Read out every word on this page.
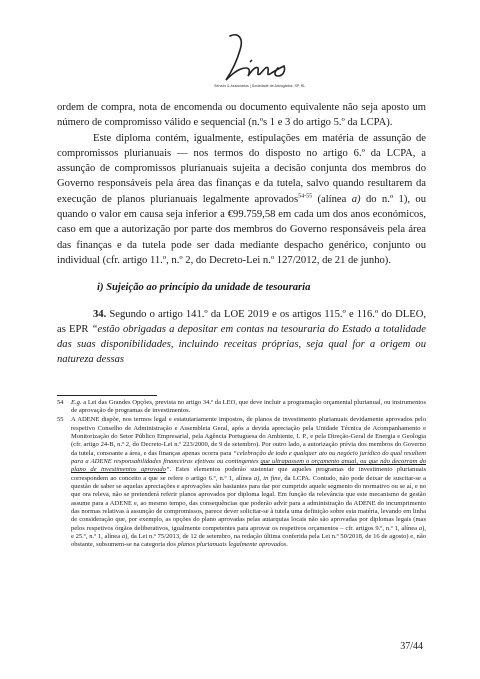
Sérvulo & Associados | Sociedade de Advogados, SP, RL

ordem de compra, nota de encomenda ou documento equivalente não seja aposto um número de compromisso válido e sequencial (n.ºs 1 e 3 do artigo 5.º da LCPA).

Este diploma contém, igualmente, estipulações em matéria de assunção de compromissos plurianuais — nos termos do disposto no artigo 6.º da LCPA, a assunção de compromissos plurianuais sujeita a decisão conjunta dos membros do Governo responsáveis pela área das finanças e da tutela, salvo quando resultarem da execução de planos plurianuais legalmente aprovados$^{54-55}$ (alínea a) do n.º 1), ou quando o valor em causa seja inferior a €99.759,58 em cada um dos anos económicos, caso em que a autorização por parte dos membros do Governo responsáveis pela área das finanças e da tutela pode ser dada mediante despacho genérico, conjunto ou individual (cfr. artigo 11.º, n.º 2, do Decreto-Lei n.º 127/2012, de 21 de junho).

i) Sujeição ao princípio da unidade de tesouraria

34. Segundo o artigo 141.º da LOE 2019 e os artigos 115.º e 116.º do DLEO, as EPR “estão obrigadas a depositar em contas na tesouraria do Estado a totalidade das suas disponibilidades, incluindo receitas próprias, seja qual for a origem ou natureza dessas

54	E.g. a Lei das Grandes Opções, prevista no artigo 34.º da LEO, que deve incluir a programação orçamental plurianual, ou instrumentos de aprovação de programas de investimentos.
55	A ADENE dispõe, nos termos legal e estatutariamente impostos, de planos de investimento plurianuais devidamente aprovados pelo respetivo Conselho de Administração e Assembleia Geral, após a devida apreciação pela Unidade Técnica de Acompanhamento e Monitorização do Setor Público Empresarial, pela Agência Portuguesa do Ambiente, I. P., e pela Direção-Geral de Energia e Geologia (cfr. artigo 24-B, n.º 2, do Decreto-Lei n.º 223/2000, de 9 de setembro). Por outro lado, a autorização prévia dos membros do Governo da tutela, consoante a área, e das finanças apenas ocorra para “celebração de todo e qualquer ato ou negócio jurídico do qual resultem para a ADENE responsabilidades financeiras efetivas ou contingentes que ultrapassem o orçamento anual, ou que não decorram do plano de investimentos aprovado”. Estes elementos poderão sustentar que aqueles programas de investimento plurianuais correspondem ao conceito a que se refere o artigo 6.º, n.º 1, alínea a), in fine, da LCPA. Contudo, não pode deixar de suscitar-se a questão de saber se aquelas apreciações e aprovações são bastantes para dar por cumprido aquele segmento do normativo ou se aí, e no que ora releva, não se pretenderá referir planos aprovados por diploma legal. Em função da relevância que este mecanismo de gestão assume para a ADENE e, ao mesmo tempo, das consequências que poderão advir para a administração da ADENE do incumprimento das normas relativas à assunção de compromissos, parece dever solicitar-se à tutela uma definição sobre esta matéria, levando em linha de consideração que, por exemplo, as opções do plano aprovadas pelas autarquias locais não são aprovadas por diplomas legais (mas pelos respetivos órgãos deliberativos, igualmente competentes para aprovar os respetivos orçamentos – cfr. artigos 9.º, n.º 1, alínea a), e 25.º, n.º 1, alínea a), da Lei n.º 75/2013, de 12 de setembro, na redação última conferida pela Lei n.º 50/2018, de 16 de agosto) e, não obstante, subsumem-se na categoria dos planos plurianuais legalmente aprovados.
37/44
